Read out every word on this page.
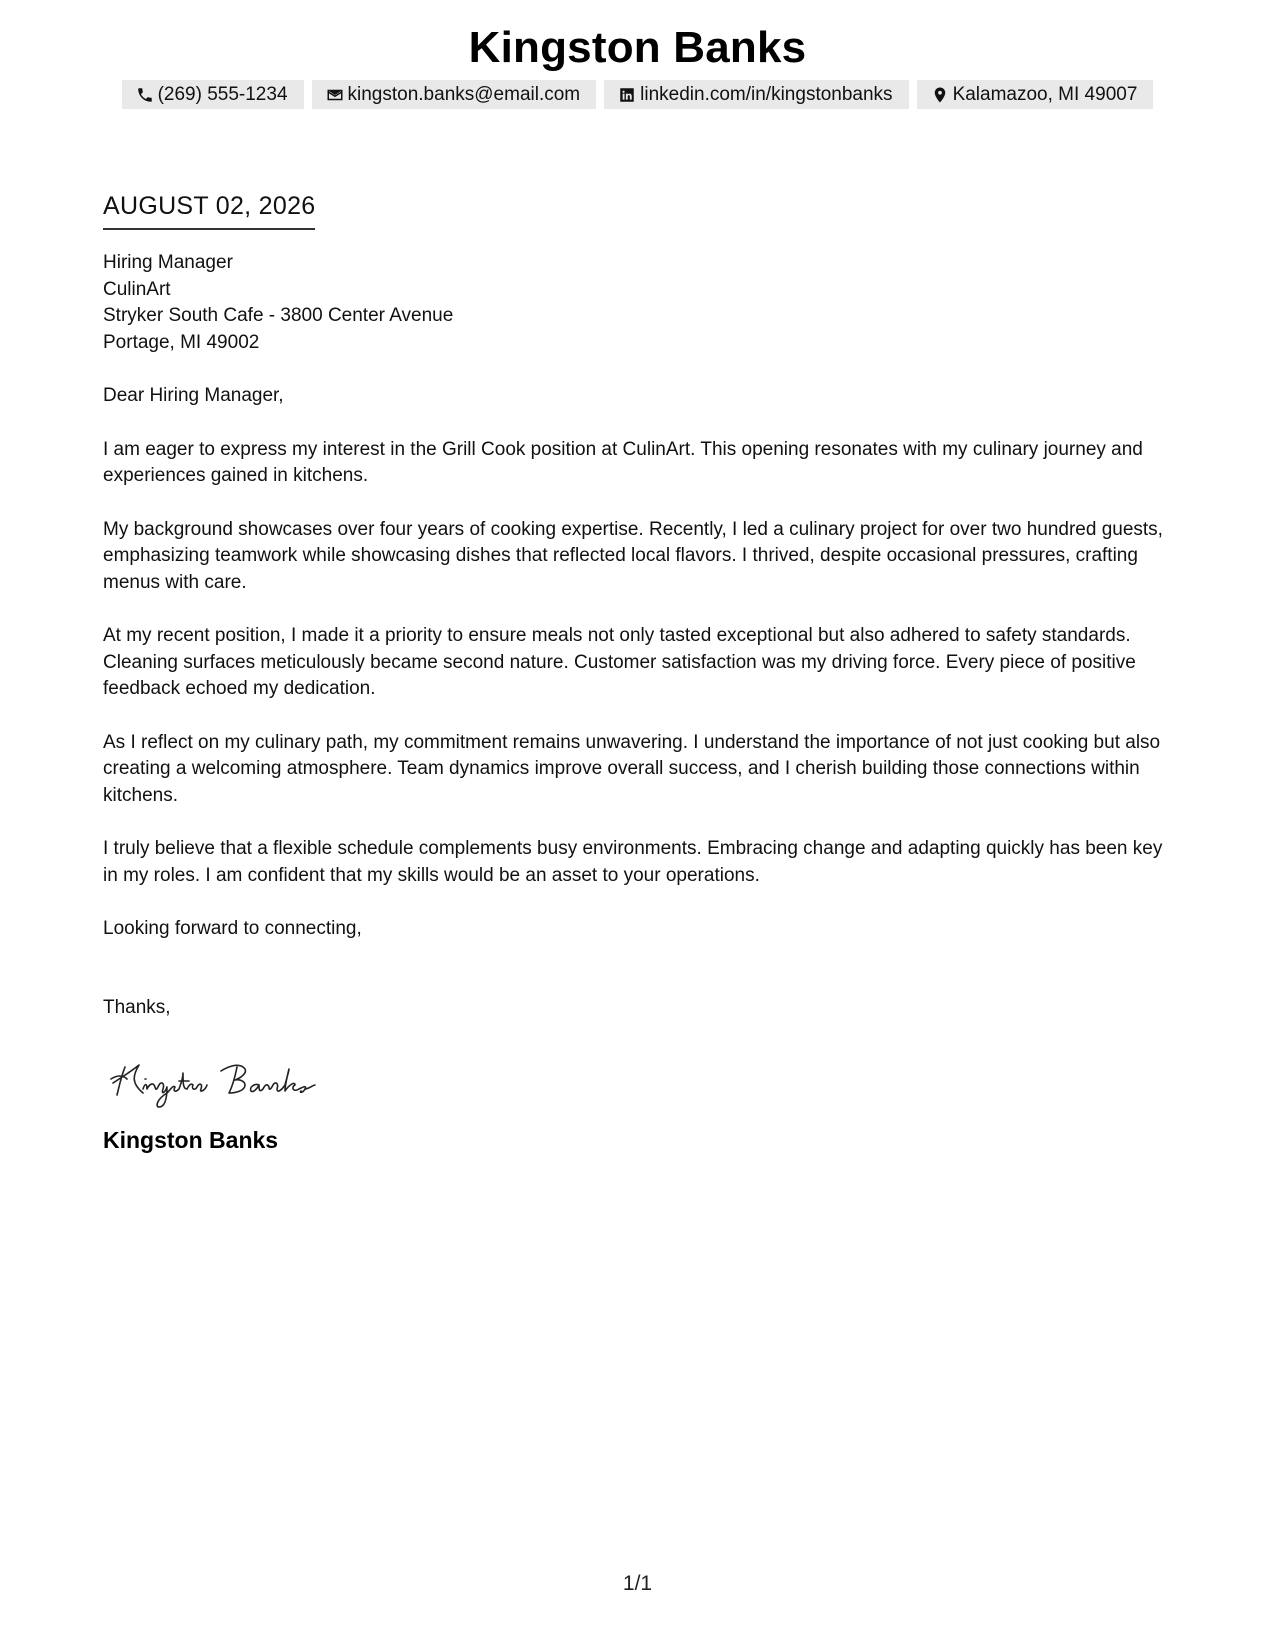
Kingston Banks
(269) 555-1234	kingston.banks@email.com	linkedin.com/in/kingstonbanks	Kalamazoo, MI 49007
AUGUST 02, 2026
Hiring Manager
CulinArt
Stryker South Cafe - 3800 Center Avenue
Portage, MI 49002
Dear Hiring Manager,

I am eager to express my interest in the Grill Cook position at CulinArt. This opening resonates with my culinary journey and experiences gained in kitchens.

My background showcases over four years of cooking expertise. Recently, I led a culinary project for over two hundred guests, emphasizing teamwork while showcasing dishes that reflected local flavors. I thrived, despite occasional pressures, crafting menus with care.

At my recent position, I made it a priority to ensure meals not only tasted exceptional but also adhered to safety standards. Cleaning surfaces meticulously became second nature. Customer satisfaction was my driving force. Every piece of positive feedback echoed my dedication.

As I reflect on my culinary path, my commitment remains unwavering. I understand the importance of not just cooking but also creating a welcoming atmosphere. Team dynamics improve overall success, and I cherish building those connections within kitchens.

I truly believe that a flexible schedule complements busy environments. Embracing change and adapting quickly has been key in my roles. I am confident that my skills would be an asset to your operations.

Looking forward to connecting,
Thanks,
Kingston Banks
1/1
